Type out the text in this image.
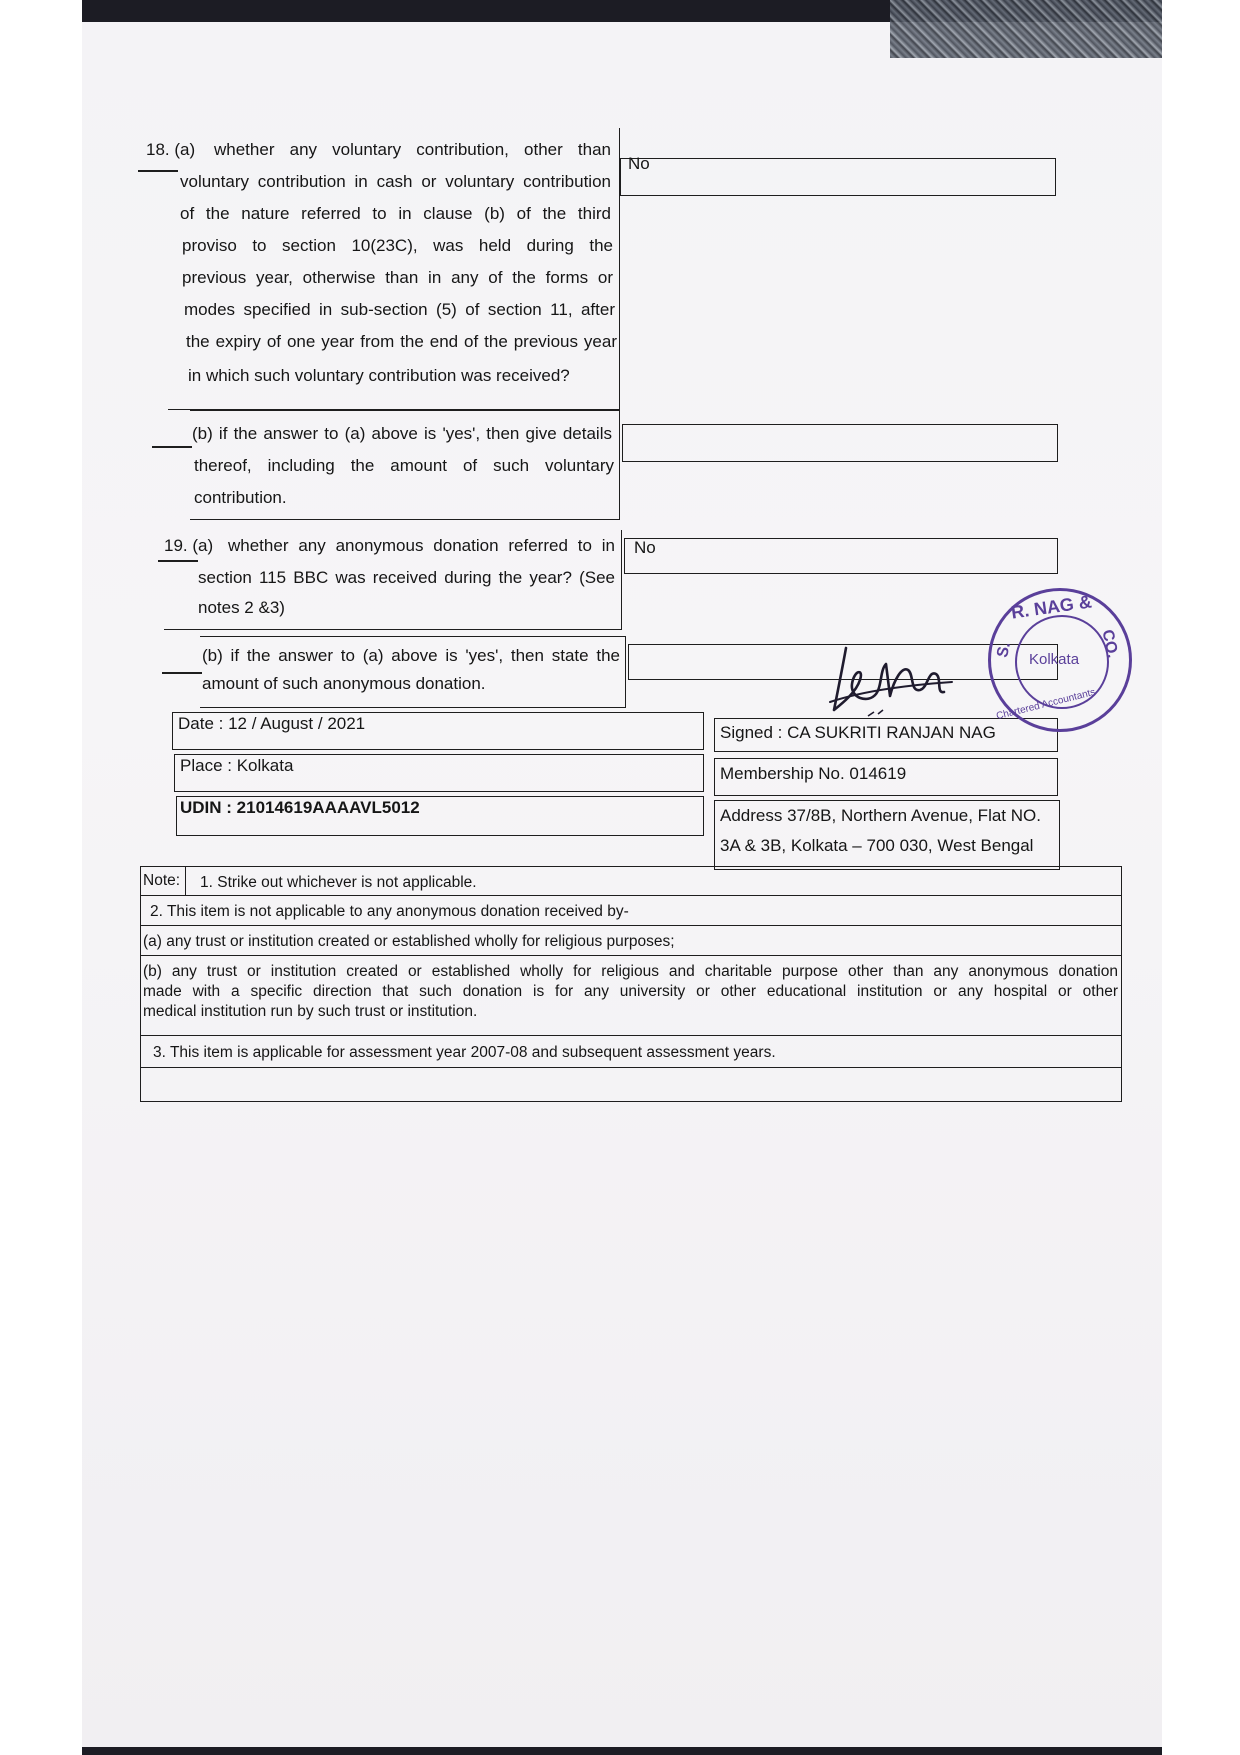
18. (a)	whether any voluntary contribution, other than
voluntary contribution in cash or voluntary contribution
of the nature referred to in clause (b) of the third
proviso to section 10(23C), was held during the
previous year, otherwise than in any of the forms or
modes specified in sub-section (5) of section 11, after
the expiry of one year from the end of the previous year
in which such voluntary contribution was received?
No
(b) if the answer to (a) above is 'yes', then give details
thereof, including the amount of such voluntary
contribution.
19. (a) whether any anonymous donation referred to in
section 115 BBC was received during the year? (See
notes 2 &3)
No
(b) if the answer to (a) above is 'yes', then state the
amount of such anonymous donation.
Date : 12 / August / 2021
Place : Kolkata
UDIN : 21014619AAAAVL5012
Signed : CA SUKRITI RANJAN NAG
Membership No. 014619
Address 37/8B, Northern Avenue, Flat NO.
3A & 3B, Kolkata – 700 030, West Bengal
R. NAG &
CO.
S.
Chartered Accountants
Kolkata
Note: 1. Strike out whichever is not applicable.
2. This item is not applicable to any anonymous donation received by-
(a) any trust or institution created or established wholly for religious purposes;
(b) any trust or institution created or established wholly for religious and charitable purpose other than any anonymous donation
made with a specific direction that such donation is for any university or other educational institution or any hospital or other
medical institution run by such trust or institution.
3. This item is applicable for assessment year 2007-08 and subsequent assessment years.
